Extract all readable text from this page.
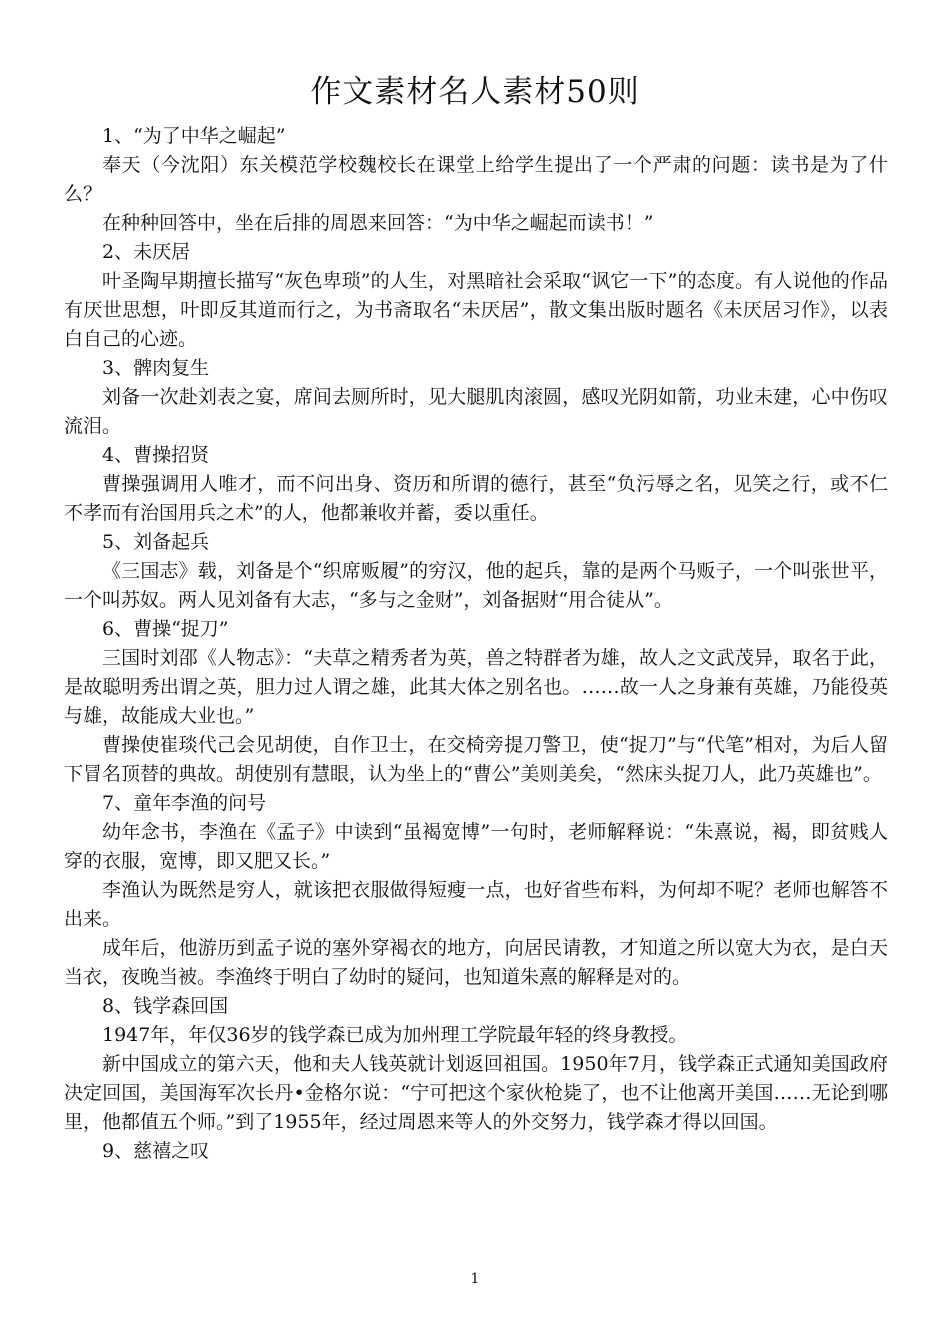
作文素材名人素材50则

1、“为了中华之崛起”

奉天（今沈阳）东关模范学校魏校长在课堂上给学生提出了一个严肃的问题：读书是为了什么？

在种种回答中，坐在后排的周恩来回答：“为中华之崛起而读书！”

2、未厌居

叶圣陶早期擅长描写“灰色卑琐”的人生，对黑暗社会采取“讽它一下”的态度。有人说他的作品有厌世思想，叶即反其道而行之，为书斋取名“未厌居”，散文集出版时题名《未厌居习作》，以表白自己的心迹。

3、髀肉复生

刘备一次赴刘表之宴，席间去厕所时，见大腿肌肉滚圆，感叹光阴如箭，功业未建，心中伤叹流泪。

4、曹操招贤

曹操强调用人唯才，而不问出身、资历和所谓的德行，甚至“负污辱之名，见笑之行，或不仁不孝而有治国用兵之术”的人，他都兼收并蓄，委以重任。

5、刘备起兵

《三国志》载，刘备是个“织席贩履”的穷汉，他的起兵，靠的是两个马贩子，一个叫张世平，一个叫苏奴。两人见刘备有大志，“多与之金财”，刘备据财“用合徒从”。

6、曹操“捉刀”

三国时刘邵《人物志》：“夫草之精秀者为英，兽之特群者为雄，故人之文武茂异，取名于此，是故聪明秀出谓之英，胆力过人谓之雄，此其大体之别名也。……故一人之身兼有英雄，乃能役英与雄，故能成大业也。”

曹操使崔琰代己会见胡使，自作卫士，在交椅旁提刀警卫，使“捉刀”与“代笔”相对，为后人留下冒名顶替的典故。胡使别有慧眼，认为坐上的“曹公”美则美矣，“然床头捉刀人，此乃英雄也”。

7、童年李渔的问号

幼年念书，李渔在《孟子》中读到“虽褐宽博”一句时，老师解释说：“朱熹说，褐，即贫贱人穿的衣服，宽博，即又肥又长。”

李渔认为既然是穷人，就该把衣服做得短瘦一点，也好省些布料，为何却不呢？老师也解答不出来。

成年后，他游历到孟子说的塞外穿褐衣的地方，向居民请教，才知道之所以宽大为衣，是白天当衣，夜晚当被。李渔终于明白了幼时的疑问，也知道朱熹的解释是对的。

8、钱学森回国

1947年，年仅36岁的钱学森已成为加州理工学院最年轻的终身教授。

新中国成立的第六天，他和夫人钱英就计划返回祖国。1950年7月，钱学森正式通知美国政府决定回国，美国海军次长丹•金格尔说：“宁可把这个家伙枪毙了，也不让他离开美国……无论到哪里，他都值五个师。”到了1955年，经过周恩来等人的外交努力，钱学森才得以回国。

9、慈禧之叹

1
